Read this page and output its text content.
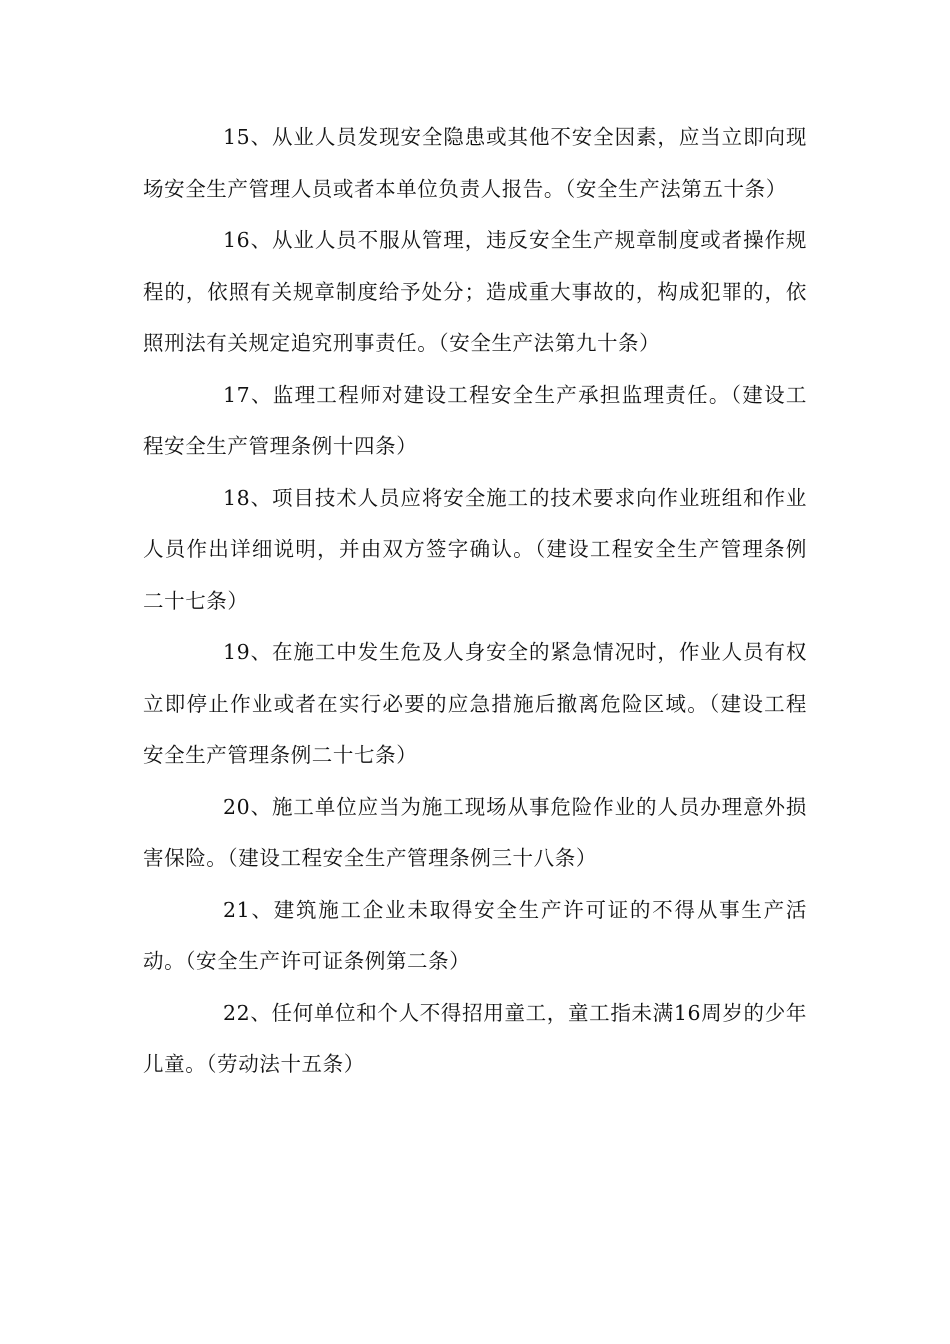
15、从业人员发现安全隐患或其他不安全因素，应当立即向现场安全生产管理人员或者本单位负责人报告。（安全生产法第五十条）

16、从业人员不服从管理，违反安全生产规章制度或者操作规程的，依照有关规章制度给予处分；造成重大事故的，构成犯罪的，依照刑法有关规定追究刑事责任。（安全生产法第九十条）

17、监理工程师对建设工程安全生产承担监理责任。（建设工程安全生产管理条例十四条）

18、项目技术人员应将安全施工的技术要求向作业班组和作业人员作出详细说明，并由双方签字确认。（建设工程安全生产管理条例二十七条）

19、在施工中发生危及人身安全的紧急情况时，作业人员有权立即停止作业或者在实行必要的应急措施后撤离危险区域。（建设工程安全生产管理条例二十七条）

20、施工单位应当为施工现场从事危险作业的人员办理意外损害保险。（建设工程安全生产管理条例三十八条）

21、建筑施工企业未取得安全生产许可证的不得从事生产活动。（安全生产许可证条例第二条）

22、任何单位和个人不得招用童工，童工指未满16周岁的少年儿童。（劳动法十五条）
